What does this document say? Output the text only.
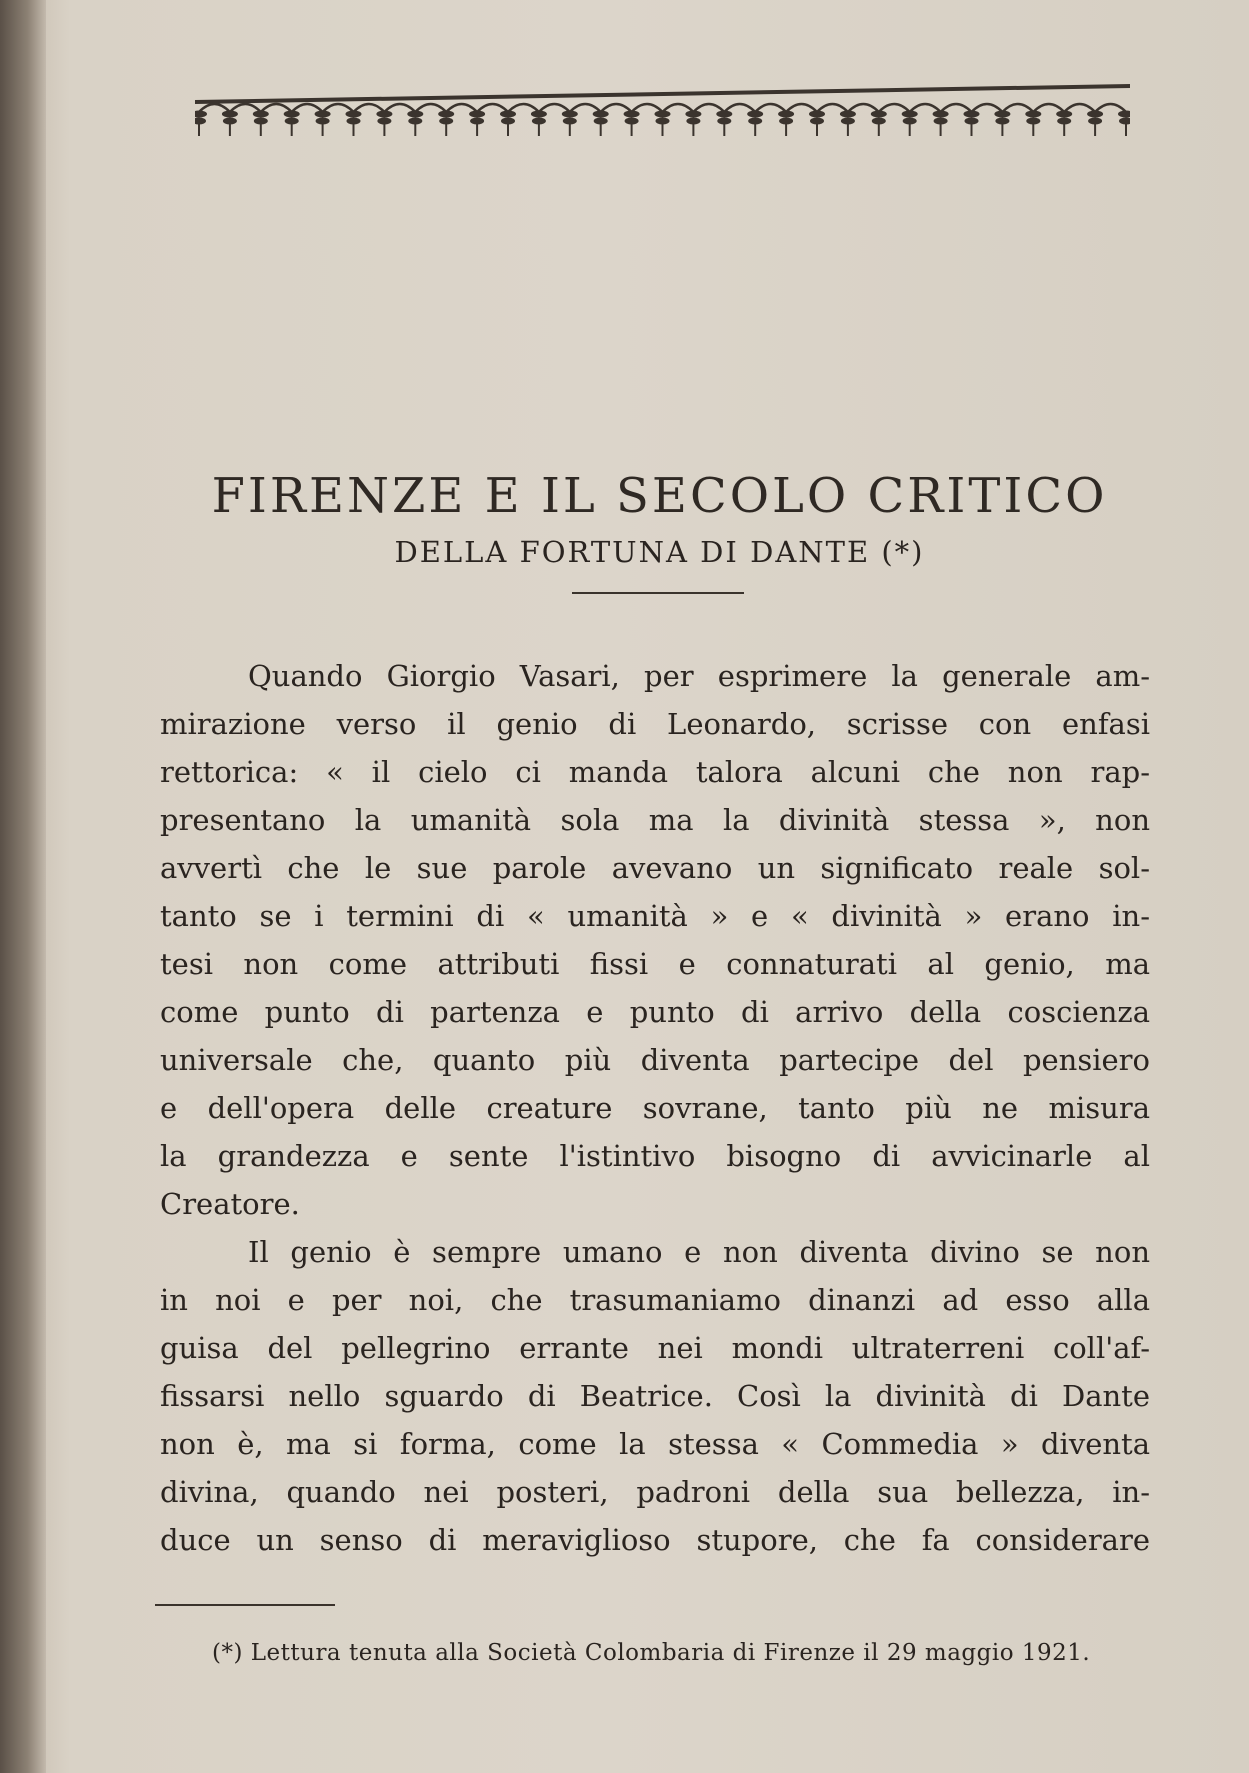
FIRENZE E IL SECOLO CRITICO
DELLA FORTUNA DI DANTE (*)
Quando Giorgio Vasari, per esprimere la generale am-
mirazione verso il genio di Leonardo, scrisse con enfasi
rettorica: « il cielo ci manda talora alcuni che non rap-
presentano la umanità sola ma la divinità stessa », non
avvertì che le sue parole avevano un significato reale sol-
tanto se i termini di « umanità » e « divinità » erano in-
tesi non come attributi fissi e connaturati al genio, ma
come punto di partenza e punto di arrivo della coscienza
universale che, quanto più diventa partecipe del pensiero
e dell'opera delle creature sovrane, tanto più ne misura
la grandezza e sente l'istintivo bisogno di avvicinarle al
Creatore.
Il genio è sempre umano e non diventa divino se non
in noi e per noi, che trasumaniamo dinanzi ad esso alla
guisa del pellegrino errante nei mondi ultraterreni coll'af-
fissarsi nello sguardo di Beatrice. Così la divinità di Dante
non è, ma si forma, come la stessa « Commedia » diventa
divina, quando nei posteri, padroni della sua bellezza, in-
duce un senso di meraviglioso stupore, che fa considerare
(*) Lettura tenuta alla Società Colombaria di Firenze il 29 maggio 1921.
